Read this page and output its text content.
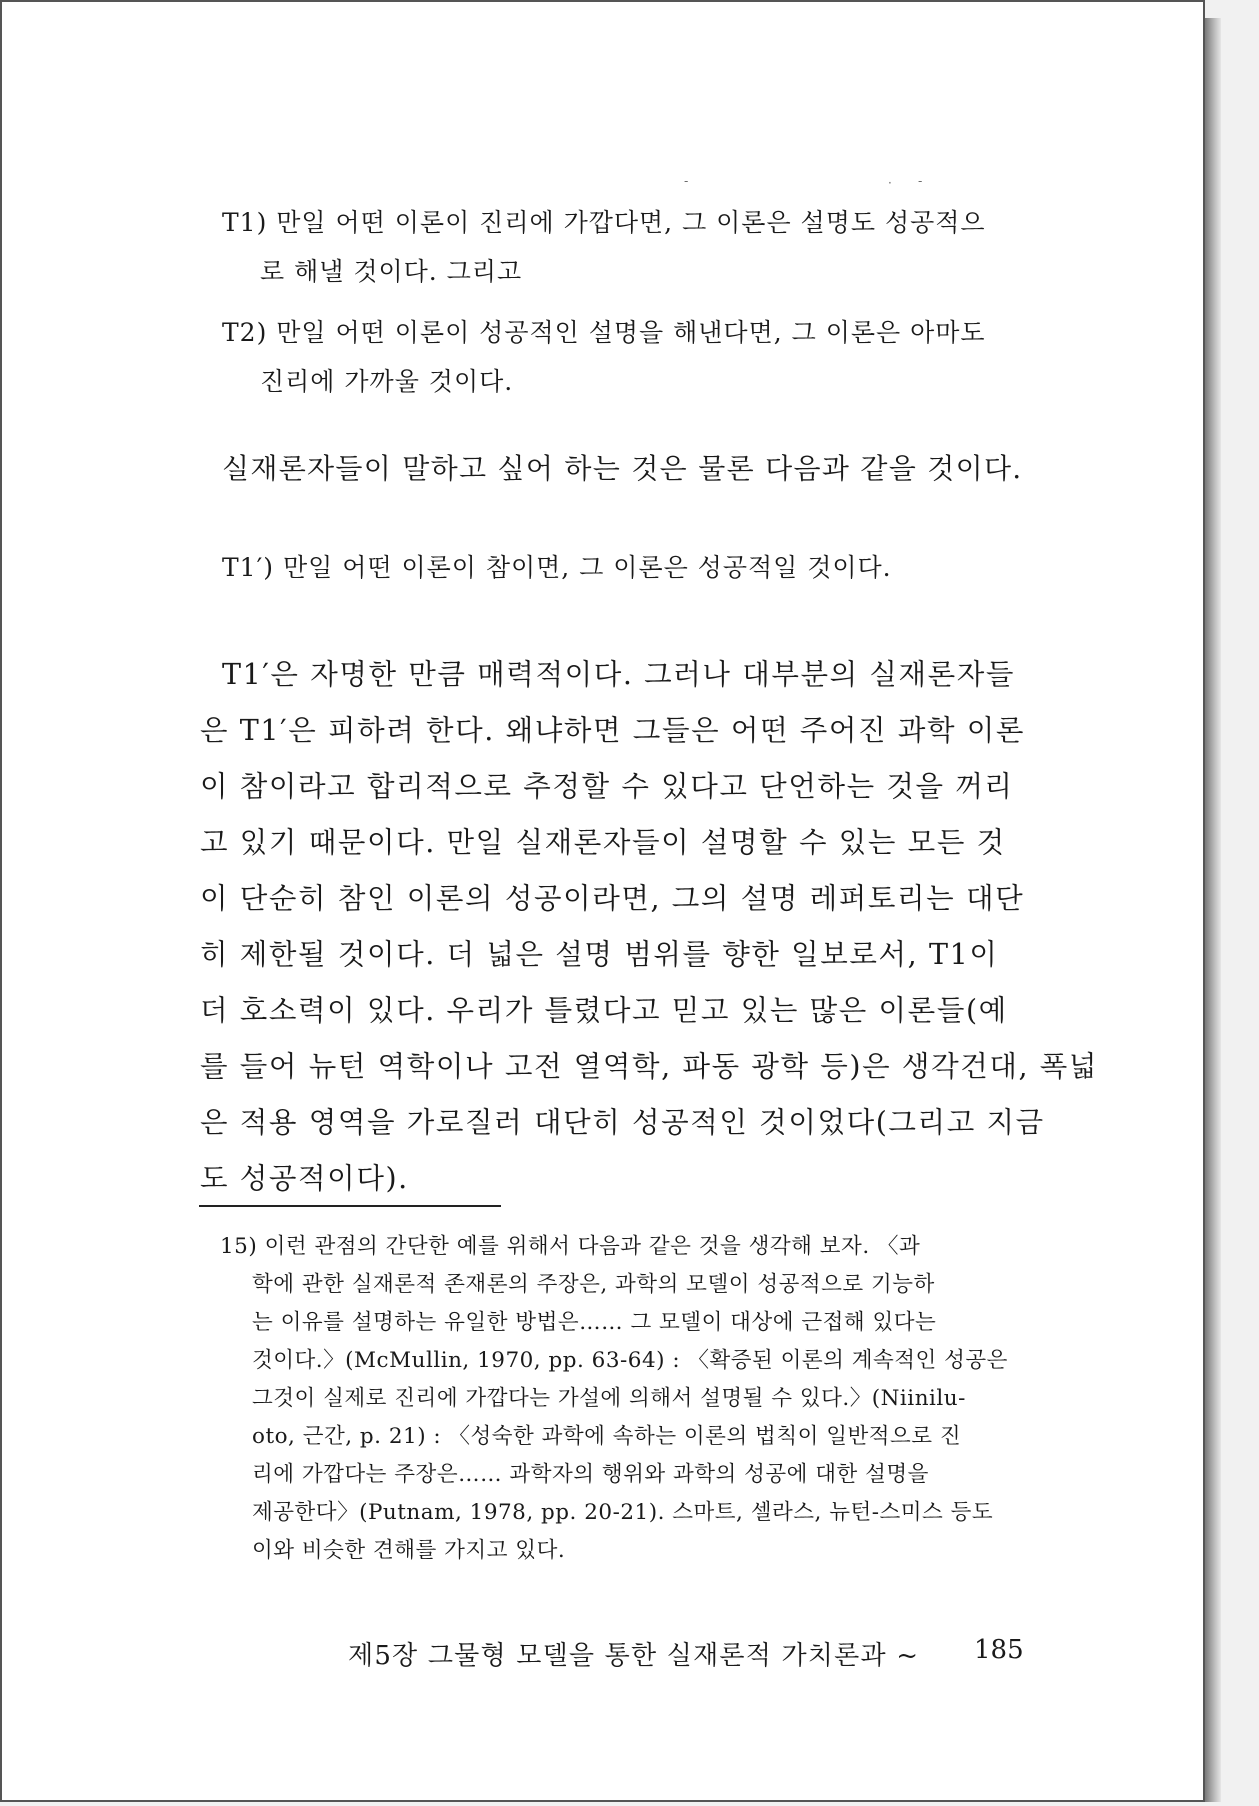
-	· -
T1) 만일 어떤 이론이 진리에 가깝다면, 그 이론은 설명도 성공적으
로 해낼 것이다. 그리고
T2) 만일 어떤 이론이 성공적인 설명을 해낸다면, 그 이론은 아마도
진리에 가까울 것이다.
실재론자들이 말하고 싶어 하는 것은 물론 다음과 같을 것이다.
T1′) 만일 어떤 이론이 참이면, 그 이론은 성공적일 것이다.
T1′은 자명한 만큼 매력적이다. 그러나 대부분의 실재론자들
은 T1′은 피하려 한다. 왜냐하면 그들은 어떤 주어진 과학 이론
이 참이라고 합리적으로 추정할 수 있다고 단언하는 것을 꺼리
고 있기 때문이다. 만일 실재론자들이 설명할 수 있는 모든 것
이 단순히 참인 이론의 성공이라면, 그의 설명 레퍼토리는 대단
히 제한될 것이다. 더 넓은 설명 범위를 향한 일보로서, T1이
더 호소력이 있다. 우리가 틀렸다고 믿고 있는 많은 이론들(예
를 들어 뉴턴 역학이나 고전 열역학, 파동 광학 등)은 생각건대, 폭넓
은 적용 영역을 가로질러 대단히 성공적인 것이었다(그리고 지금
도 성공적이다).
15) 이런 관점의 간단한 예를 위해서 다음과 같은 것을 생각해 보자. 〈과
학에 관한 실재론적 존재론의 주장은, 과학의 모델이 성공적으로 기능하
는 이유를 설명하는 유일한 방법은…… 그 모델이 대상에 근접해 있다는
것이다.〉(McMullin, 1970, pp. 63-64) : 〈확증된 이론의 계속적인 성공은
그것이 실제로 진리에 가깝다는 가설에 의해서 설명될 수 있다.〉(Niinilu-
oto, 근간, p. 21) : 〈성숙한 과학에 속하는 이론의 법칙이 일반적으로 진
리에 가깝다는 주장은…… 과학자의 행위와 과학의 성공에 대한 설명을
제공한다〉(Putnam, 1978, pp. 20-21). 스마트, 셀라스, 뉴턴-스미스 등도
이와 비슷한 견해를 가지고 있다.
제5장 그물형 모델을 통한 실재론적 가치론과 ~ 185
